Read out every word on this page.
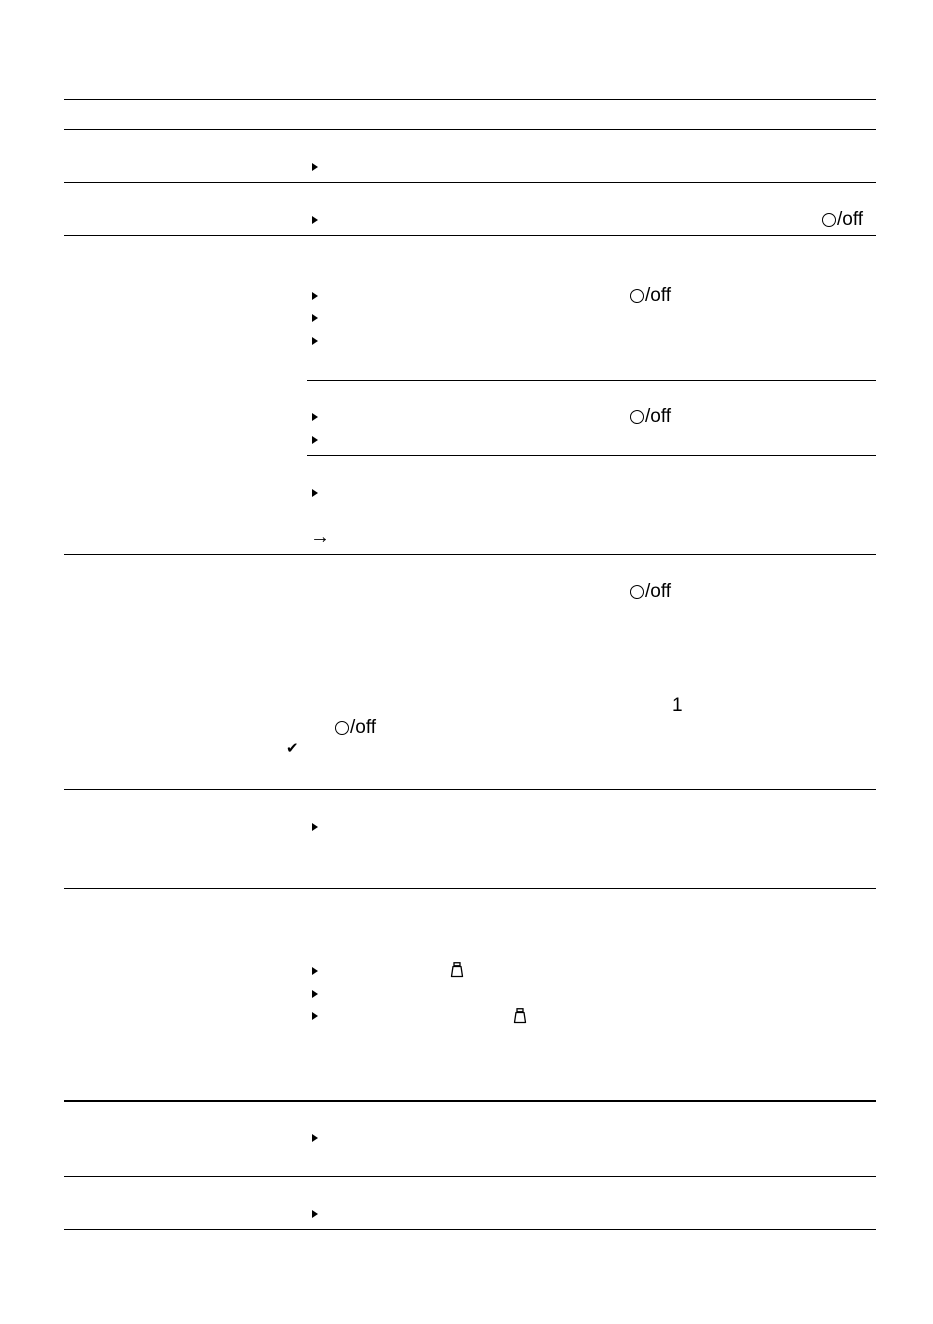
/off
/off
/off
/off
/off
1
→
✔
